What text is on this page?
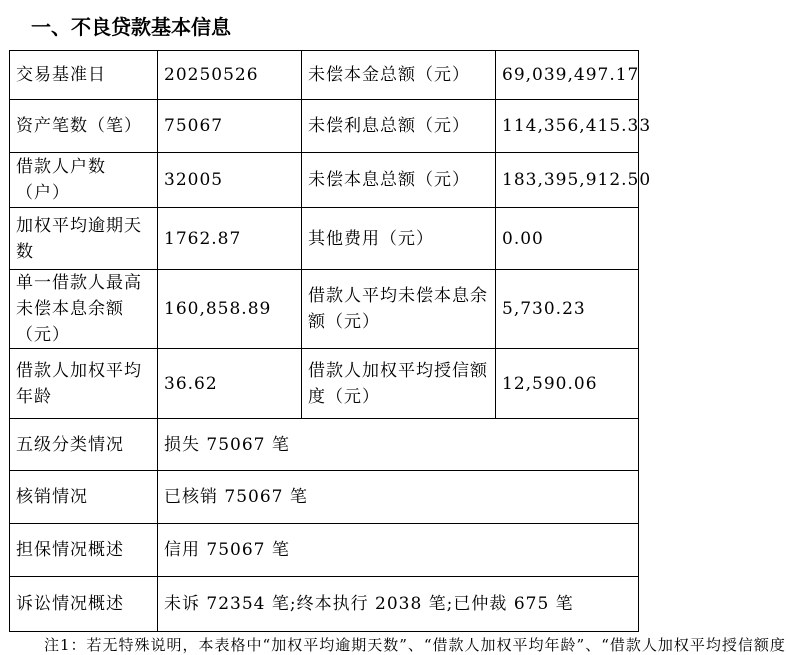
一、不良贷款基本信息
交易基准日	20250526	未偿本金总额（元）	69,039,497.17
资产笔数（笔）	75067	未偿利息总额（元）	114,356,415.33
借款人户数（户）	32005	未偿本息总额（元）	183,395,912.50
加权平均逾期天数	1762.87	其他费用（元）	0.00
单一借款人最高未偿本息余额（元）	160,858.89	借款人平均未偿本息余额（元）	5,730.23
借款人加权平均年龄	36.62	借款人加权平均授信额度（元）	12,590.06
五级分类情况	损失 75067 笔		
核销情况	已核销 75067 笔		
担保情况概述	信用 75067 笔		
诉讼情况概述	未诉 72354 笔;终本执行 2038 笔;已仲裁 675 笔		
注1：若无特殊说明，本表格中“加权平均逾期天数”、“借款人加权平均年龄”、“借款人加权平均授信额度
